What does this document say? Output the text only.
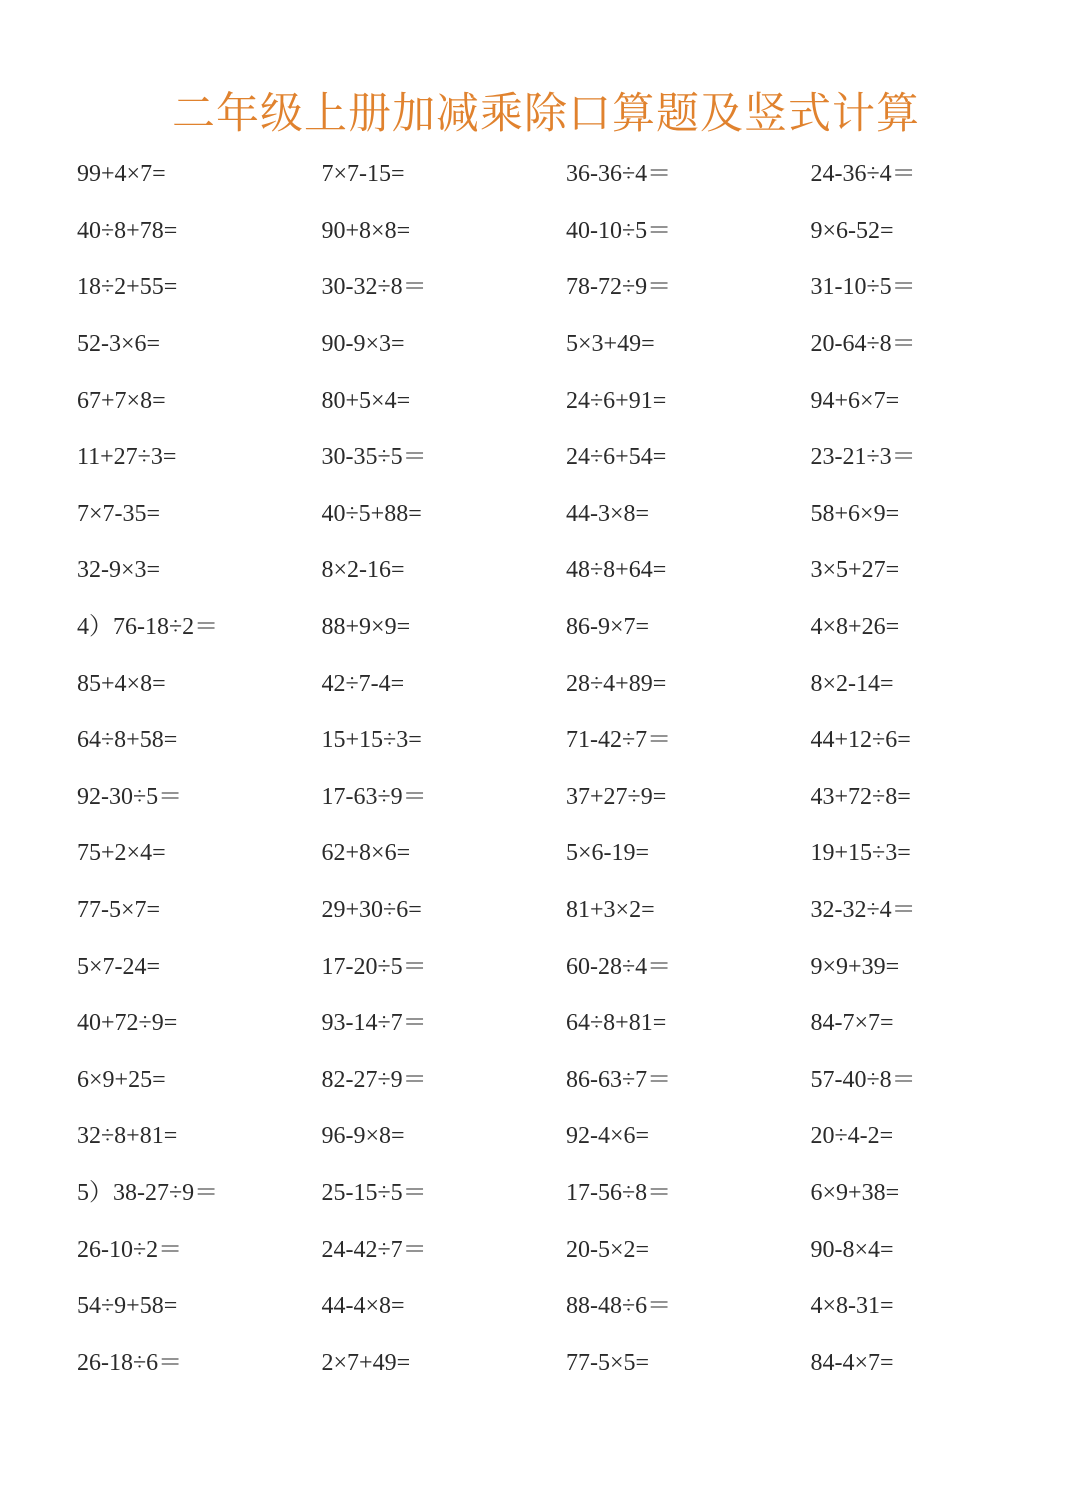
二年级上册加减乘除口算题及竖式计算
99+4×7=	7×7-15=	36-36÷4＝	24-36÷4＝
40÷8+78=	90+8×8=	40-10÷5＝	9×6-52=
18÷2+55=	30-32÷8＝	78-72÷9＝	31-10÷5＝
52-3×6=	90-9×3=	5×3+49=	20-64÷8＝
67+7×8=	80+5×4=	24÷6+91=	94+6×7=
11+27÷3=	30-35÷5＝	24÷6+54=	23-21÷3＝
7×7-35=	40÷5+88=	44-3×8=	58+6×9=
32-9×3=	8×2-16=	48÷8+64=	3×5+27=
4）76-18÷2＝	88+9×9=	86-9×7=	4×8+26=
85+4×8=	42÷7-4=	28÷4+89=	8×2-14=
64÷8+58=	15+15÷3=	71-42÷7＝	44+12÷6=
92-30÷5＝	17-63÷9＝	37+27÷9=	43+72÷8=
75+2×4=	62+8×6=	5×6-19=	19+15÷3=
77-5×7=	29+30÷6=	81+3×2=	32-32÷4＝
5×7-24=	17-20÷5＝	60-28÷4＝	9×9+39=
40+72÷9=	93-14÷7＝	64÷8+81=	84-7×7=
6×9+25=	82-27÷9＝	86-63÷7＝	57-40÷8＝
32÷8+81=	96-9×8=	92-4×6=	20÷4-2=
5）38-27÷9＝	25-15÷5＝	17-56÷8＝	6×9+38=
26-10÷2＝	24-42÷7＝	20-5×2=	90-8×4=
54÷9+58=	44-4×8=	88-48÷6＝	4×8-31=
26-18÷6＝	2×7+49=	77-5×5=	84-4×7=
